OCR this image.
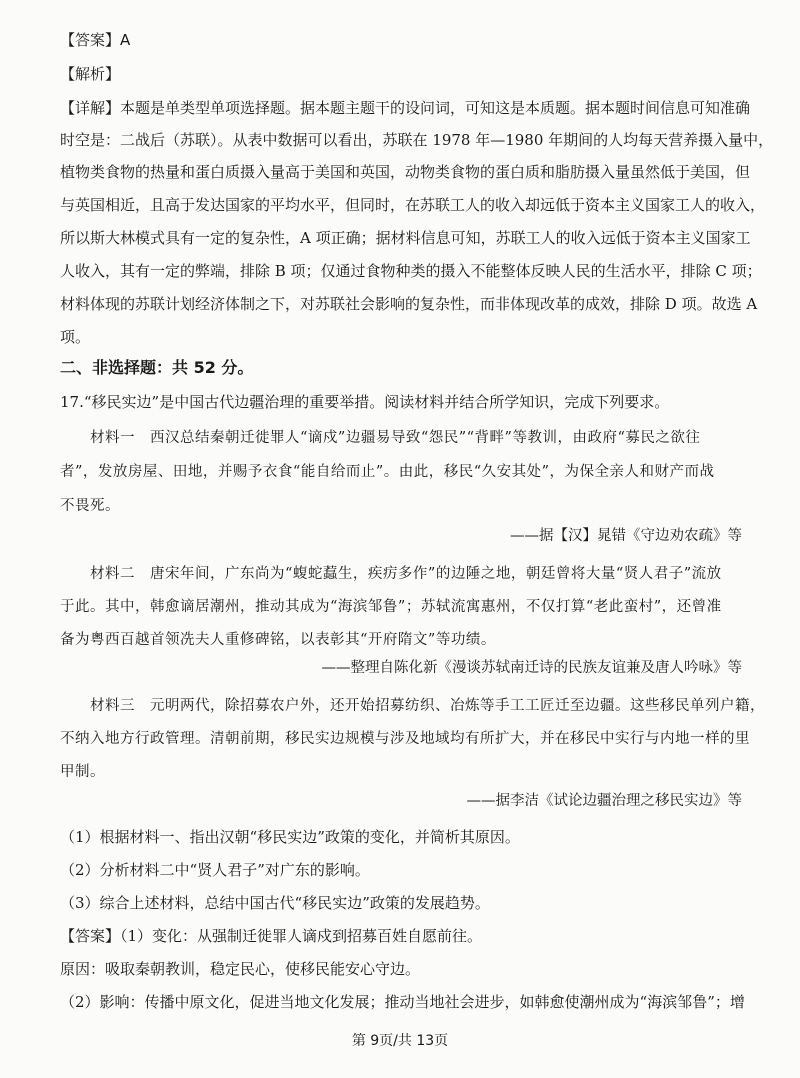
【答案】A
【解析】
【详解】本题是单类型单项选择题。据本题主题干的设问词，可知这是本质题。据本题时间信息可知准确
时空是：二战后（苏联）。从表中数据可以看出，苏联在 1978 年—1980 年期间的人均每天营养摄入量中，
植物类食物的热量和蛋白质摄入量高于美国和英国，动物类食物的蛋白质和脂肪摄入量虽然低于美国，但
与英国相近，且高于发达国家的平均水平，但同时，在苏联工人的收入却远低于资本主义国家工人的收入，
所以斯大林模式具有一定的复杂性，A 项正确；据材料信息可知，苏联工人的收入远低于资本主义国家工
人收入，其有一定的弊端，排除 B 项；仅通过食物种类的摄入不能整体反映人民的生活水平，排除 C 项；
材料体现的苏联计划经济体制之下，对苏联社会影响的复杂性，而非体现改革的成效，排除 D 项。故选 A
项。
二、非选择题：共 52 分。
17.“移民实边”是中国古代边疆治理的重要举措。阅读材料并结合所学知识，完成下列要求。
材料一　西汉总结秦朝迁徙罪人“谪戍”边疆易导致“怨民”“背畔”等教训，由政府“募民之欲往
者”，发放房屋、田地，并赐予衣食“能自给而止”。由此，移民“久安其处”，为保全亲人和财产而战
不畏死。
——据【汉】晁错《守边劝农疏》等
材料二　唐宋年间，广东尚为“蝮蛇蠚生，疾疠多作”的边陲之地，朝廷曾将大量“贤人君子”流放
于此。其中，韩愈谪居潮州，推动其成为“海滨邹鲁”；苏轼流寓惠州，不仅打算“老此蛮村”，还曾准
备为粤西百越首领冼夫人重修碑铭，以表彰其“开府隋文”等功绩。
——整理自陈化新《漫谈苏轼南迁诗的民族友谊兼及唐人吟咏》等
材料三　元明两代，除招募农户外，还开始招募纺织、冶炼等手工工匠迁至边疆。这些移民单列户籍，
不纳入地方行政管理。清朝前期，移民实边规模与涉及地域均有所扩大，并在移民中实行与内地一样的里
甲制。
——据李洁《试论边疆治理之移民实边》等
（1）根据材料一、指出汉朝“移民实边”政策的变化，并简析其原因。
（2）分析材料二中“贤人君子”对广东的影响。
（3）综合上述材料，总结中国古代“移民实边”政策的发展趋势。
【答案】（1）变化：从强制迁徙罪人谪戍到招募百姓自愿前往。
原因：吸取秦朝教训，稳定民心，使移民能安心守边。
（2）影响：传播中原文化，促进当地文化发展；推动当地社会进步，如韩愈使潮州成为“海滨邹鲁”；增
第 9页/共 13页
